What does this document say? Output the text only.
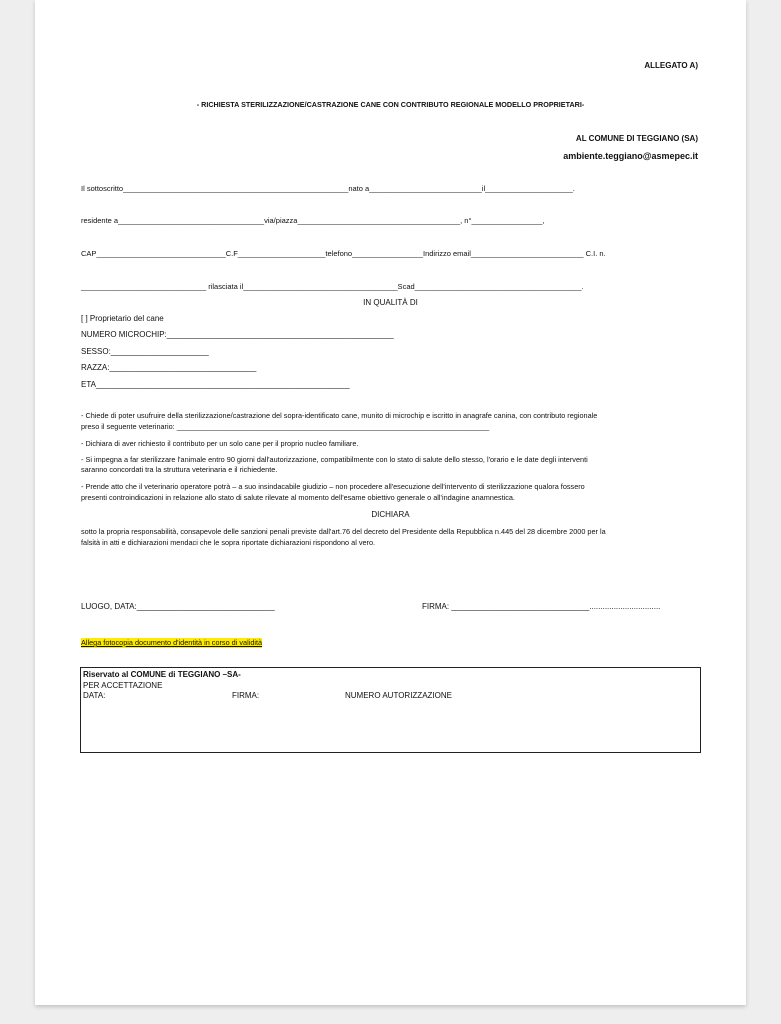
ALLEGATO A)
- RICHIESTA STERILIZZAZIONE/CASTRAZIONE CANE CON CONTRIBUTO REGIONALE MODELLO PROPRIETARI-
AL COMUNE DI TEGGIANO (SA)
ambiente.teggiano@asmepec.it
Il sottoscritto______________________________________________________nato a___________________________il_____________________.
residente a___________________________________via/piazza_______________________________________, n°_________________,
CAP_______________________________C.F_____________________telefono_________________Indirizzo email___________________________ C.I. n.
______________________________ rilasciata il_____________________________________Scad________________________________________.
IN QUALITÀ DI
[ ] Proprietario del cane
NUMERO MICROCHIP:___________________________________________________
SESSO:______________________
RAZZA:_________________________________
ETA_________________________________________________________
- Chiede di poter usufruire della sterilizzazione/castrazione del sopra-identificato cane, munito di microchip e iscritto in anagrafe canina, con contributo regionale
preso il seguente veterinario: _____________________________________________________________________________
- Dichiara di aver richiesto il contributo per un solo cane per il proprio nucleo familiare.
- Si impegna a far sterilizzare l'animale entro 90 giorni dall'autorizzazione, compatibilmente con lo stato di salute dello stesso, l'orario e le date degli interventi
saranno concordati tra la struttura veterinaria e il richiedente.
- Prende atto che il veterinario operatore potrà – a suo insindacabile giudizio – non procedere all'esecuzione dell'intervento di sterilizzazione qualora fossero
presenti controindicazioni in relazione allo stato di salute rilevate al momento dell'esame obiettivo generale o all'indagine anamnestica.
DICHIARA
sotto la propria responsabilità, consapevole delle sanzioni penali previste dall'art.76 del decreto del Presidente della Repubblica n.445 del 28 dicembre 2000 per la
falsità in atti e dichiarazioni mendaci che le sopra riportate dichiarazioni rispondono al vero.
LUOGO, DATA:_______________________________	FIRMA: _______________________________................................
Allega fotocopia documento d'identità in corso di validità
Riservato al COMUNE di TEGGIANO –SA-
PER ACCETTAZIONE
DATA:	FIRMA:	NUMERO AUTORIZZAZIONE
